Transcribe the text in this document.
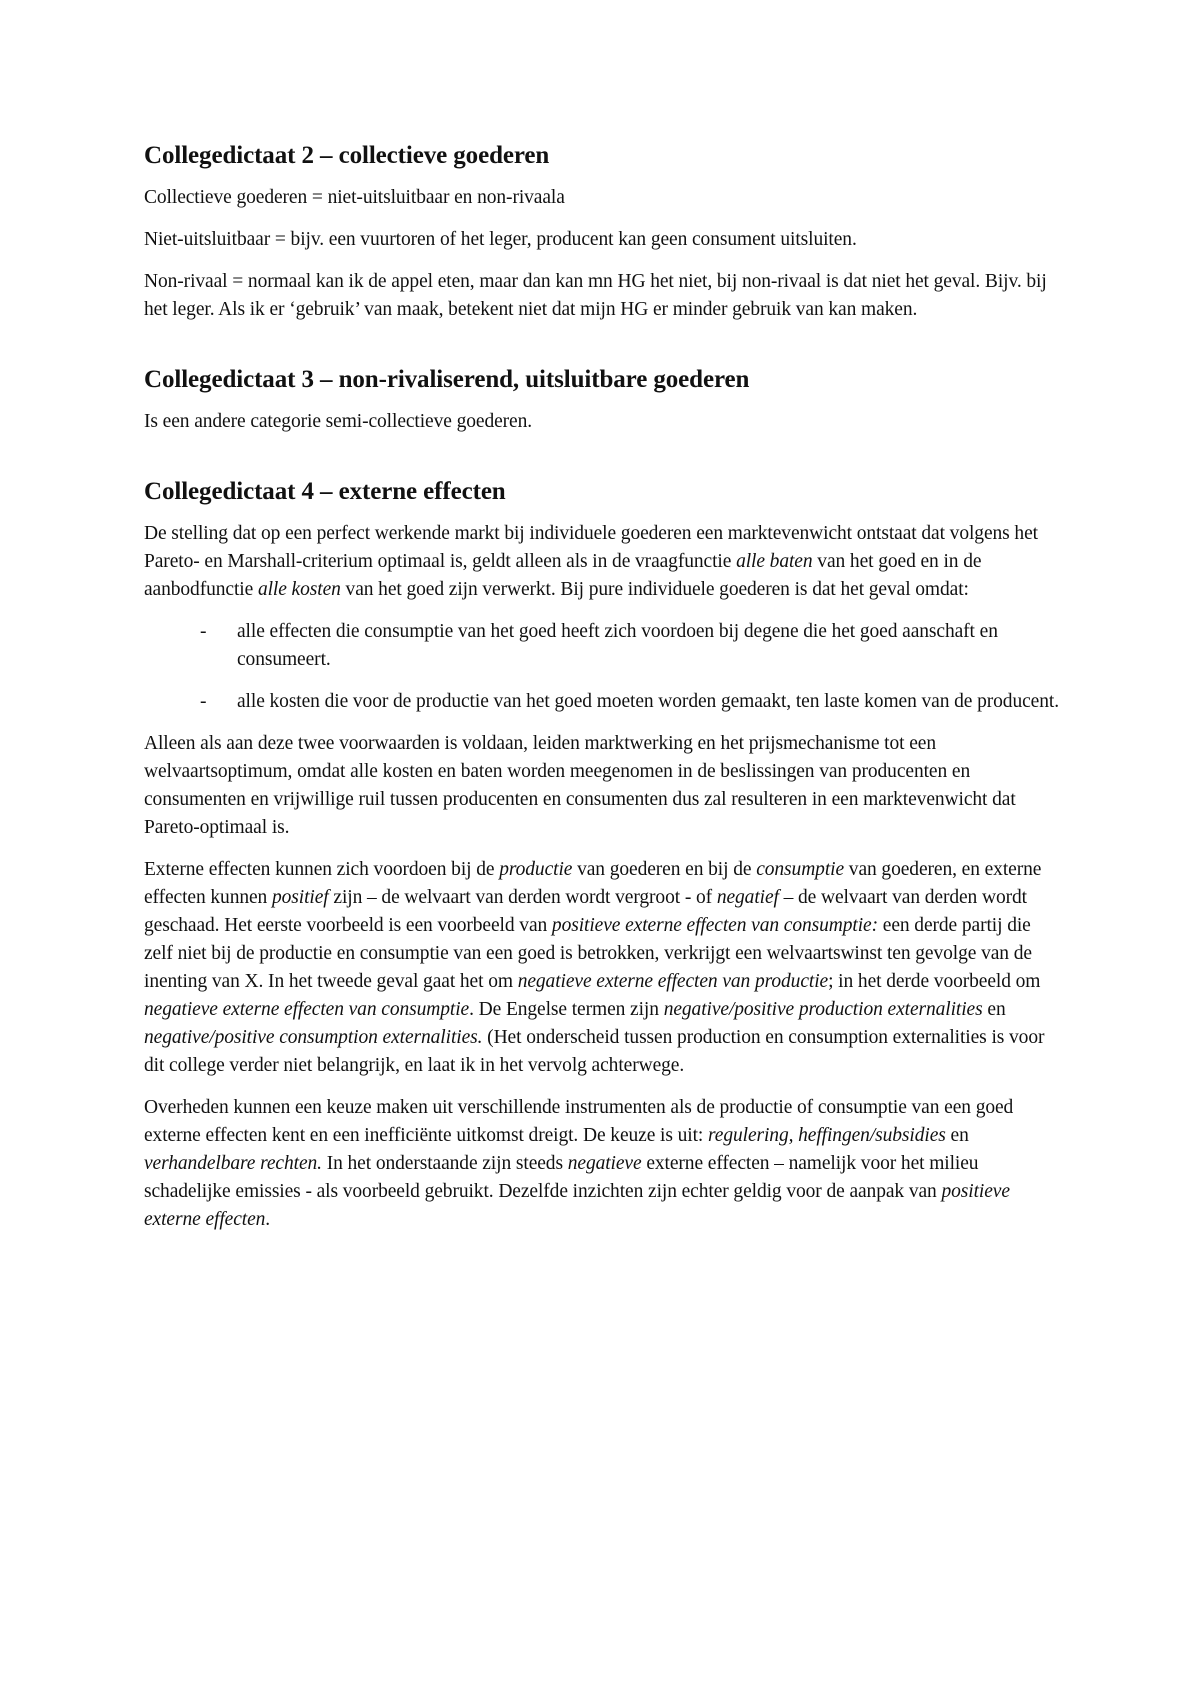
Collegedictaat 2 – collectieve goederen

Collectieve goederen = niet-uitsluitbaar en non-rivaala

Niet-uitsluitbaar = bijv. een vuurtoren of het leger, producent kan geen consument uitsluiten.

Non-rivaal = normaal kan ik de appel eten, maar dan kan mn HG het niet, bij non-rivaal is dat niet het geval. Bijv. bij het leger. Als ik er ‘gebruik’ van maak, betekent niet dat mijn HG er minder gebruik van kan maken.

Collegedictaat 3 – non-rivaliserend, uitsluitbare goederen

Is een andere categorie semi-collectieve goederen.

Collegedictaat 4 – externe effecten

De stelling dat op een perfect werkende markt bij individuele goederen een marktevenwicht ontstaat dat volgens het Pareto- en Marshall-criterium optimaal is, geldt alleen als in de vraagfunctie alle baten van het goed en in de aanbodfunctie alle kosten van het goed zijn verwerkt. Bij pure individuele goederen is dat het geval omdat:

- alle effecten die consumptie van het goed heeft zich voordoen bij degene die het goed aanschaft en consumeert.
- alle kosten die voor de productie van het goed moeten worden gemaakt, ten laste komen van de producent.

Alleen als aan deze twee voorwaarden is voldaan, leiden marktwerking en het prijsmechanisme tot een welvaartsoptimum, omdat alle kosten en baten worden meegenomen in de beslissingen van producenten en consumenten en vrijwillige ruil tussen producenten en consumenten dus zal resulteren in een marktevenwicht dat Pareto-optimaal is.

Externe effecten kunnen zich voordoen bij de productie van goederen en bij de consumptie van goederen, en externe effecten kunnen positief zijn – de welvaart van derden wordt vergroot - of negatief – de welvaart van derden wordt geschaad. Het eerste voorbeeld is een voorbeeld van positieve externe effecten van consumptie: een derde partij die zelf niet bij de productie en consumptie van een goed is betrokken, verkrijgt een welvaartswinst ten gevolge van de inenting van X. In het tweede geval gaat het om negatieve externe effecten van productie; in het derde voorbeeld om negatieve externe effecten van consumptie. De Engelse termen zijn negative/positive production externalities en negative/positive consumption externalities. (Het onderscheid tussen production en consumption externalities is voor dit college verder niet belangrijk, en laat ik in het vervolg achterwege.

Overheden kunnen een keuze maken uit verschillende instrumenten als de productie of consumptie van een goed externe effecten kent en een inefficiënte uitkomst dreigt. De keuze is uit: regulering, heffingen/subsidies en verhandelbare rechten. In het onderstaande zijn steeds negatieve externe effecten – namelijk voor het milieu schadelijke emissies - als voorbeeld gebruikt. Dezelfde inzichten zijn echter geldig voor de aanpak van positieve externe effecten.
